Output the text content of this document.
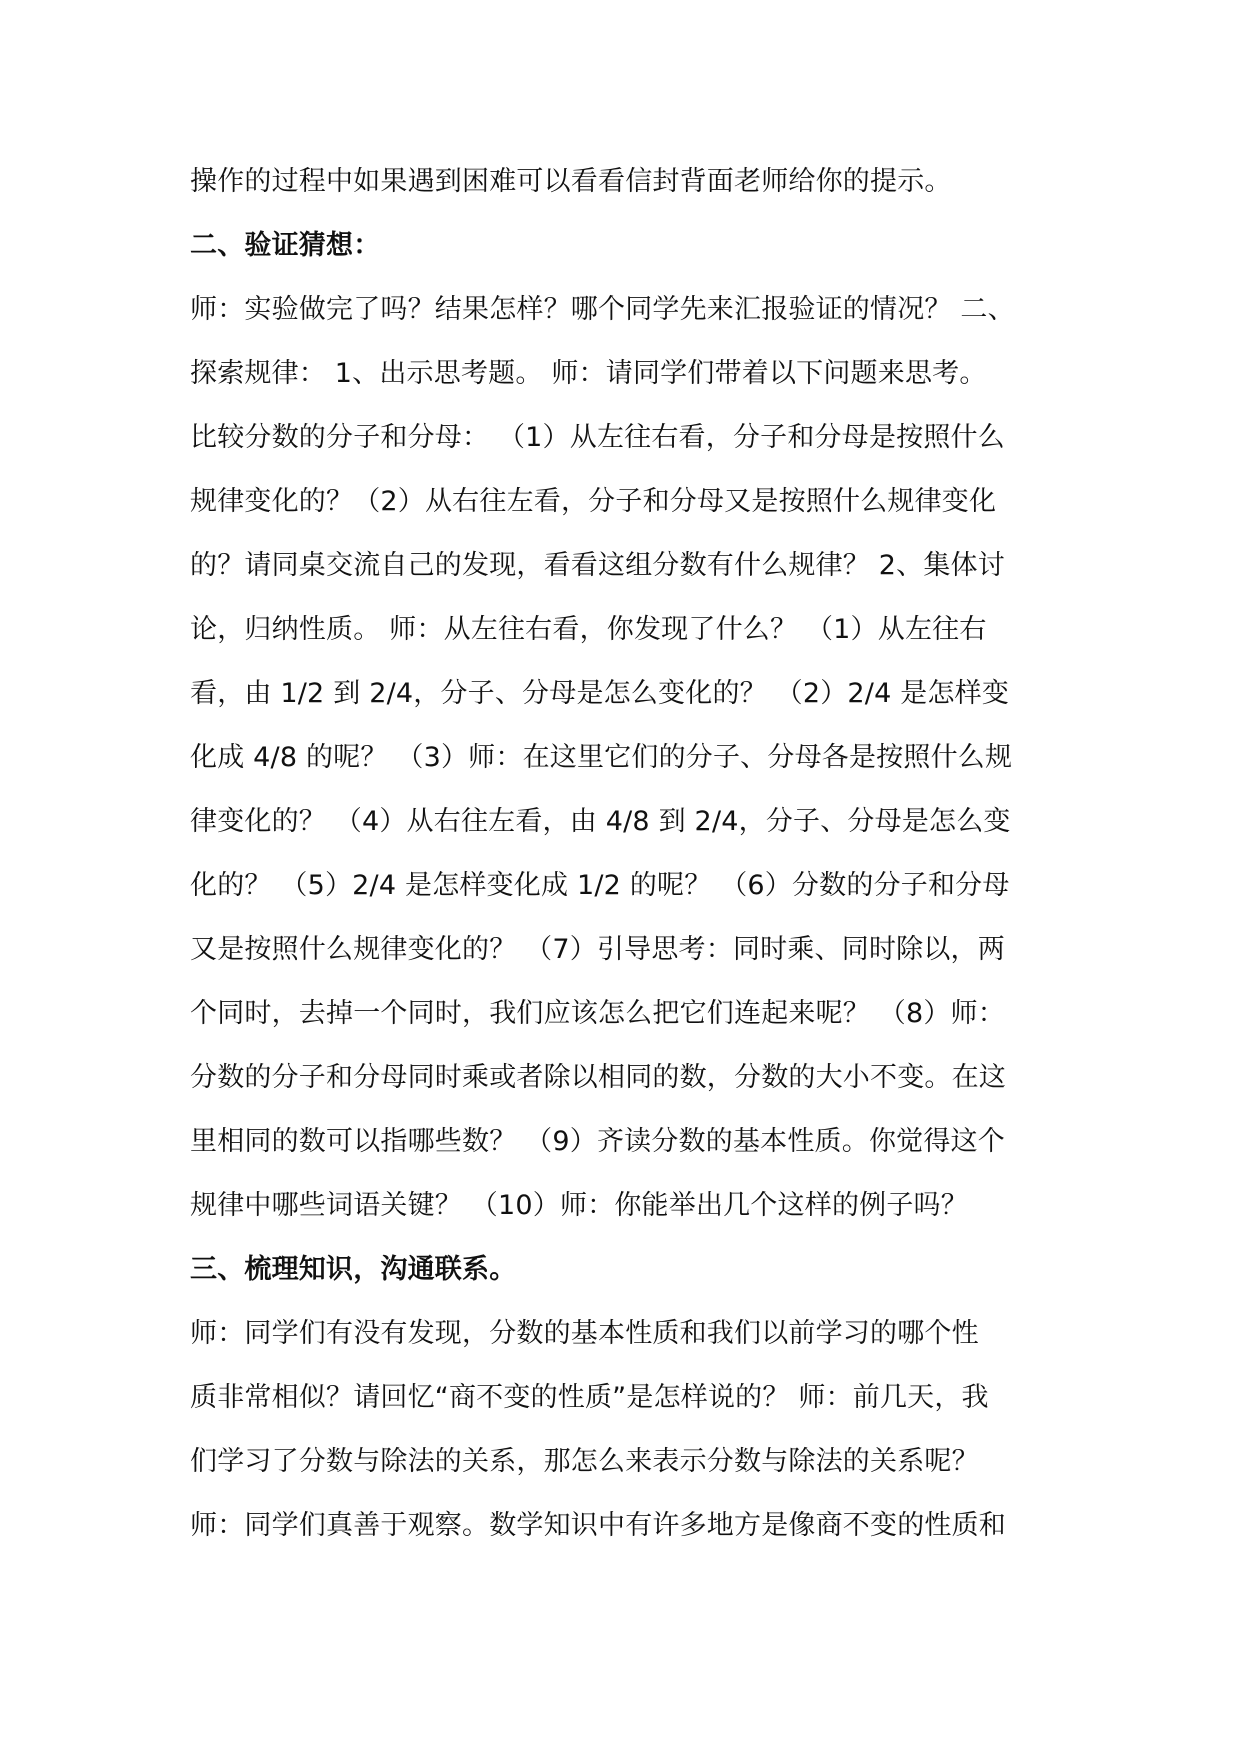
操作的过程中如果遇到困难可以看看信封背面老师给你的提示。
二、验证猜想：
师：实验做完了吗？结果怎样？哪个同学先来汇报验证的情况？ 二、
探索规律： 1、出示思考题。 师：请同学们带着以下问题来思考。
比较分数的分子和分母： （1）从左往右看，分子和分母是按照什么
规律变化的？（2）从右往左看，分子和分母又是按照什么规律变化
的？请同桌交流自己的发现，看看这组分数有什么规律？ 2、集体讨
论，归纳性质。 师：从左往右看，你发现了什么？ （1）从左往右
看，由 1/2 到 2/4，分子、分母是怎么变化的？ （2）2/4 是怎样变
化成 4/8 的呢？ （3）师：在这里它们的分子、分母各是按照什么规
律变化的？ （4）从右往左看，由 4/8 到 2/4，分子、分母是怎么变
化的？ （5）2/4 是怎样变化成 1/2 的呢？ （6）分数的分子和分母
又是按照什么规律变化的？ （7）引导思考：同时乘、同时除以，两
个同时，去掉一个同时，我们应该怎么把它们连起来呢？ （8）师：
分数的分子和分母同时乘或者除以相同的数，分数的大小不变。在这
里相同的数可以指哪些数？ （9）齐读分数的基本性质。你觉得这个
规律中哪些词语关键？ （10）师：你能举出几个这样的例子吗？
三、梳理知识，沟通联系。
师：同学们有没有发现，分数的基本性质和我们以前学习的哪个性
质非常相似？请回忆“商不变的性质”是怎样说的？ 师：前几天，我
们学习了分数与除法的关系，那怎么来表示分数与除法的关系呢？
师：同学们真善于观察。数学知识中有许多地方是像商不变的性质和
